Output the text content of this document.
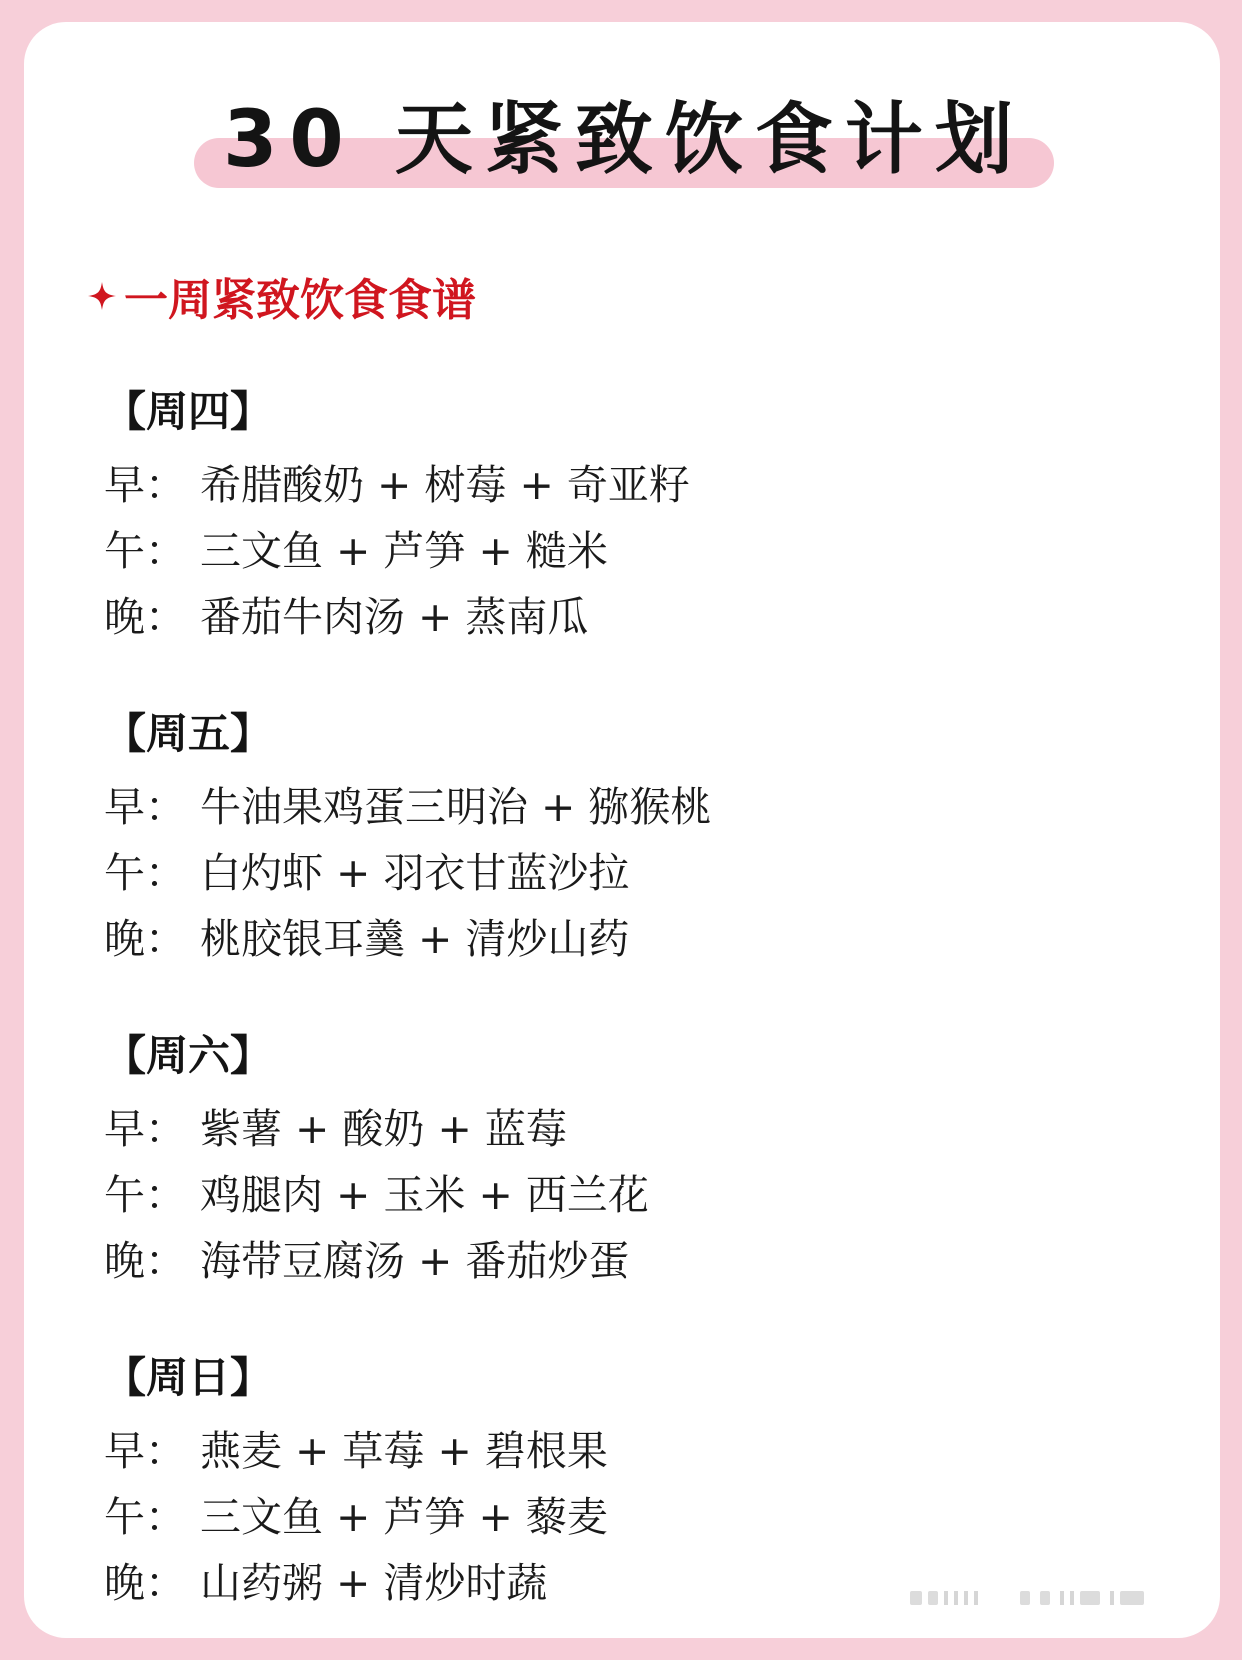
30 天紧致饮食计划
一周紧致饮食食谱
【周四】
早： 希腊酸奶 + 树莓 + 奇亚籽
午： 三文鱼 + 芦笋 + 糙米
晚： 番茄牛肉汤 + 蒸南瓜
【周五】
早： 牛油果鸡蛋三明治 + 猕猴桃
午： 白灼虾 + 羽衣甘蓝沙拉
晚： 桃胶银耳羹 + 清炒山药
【周六】
早： 紫薯 + 酸奶 + 蓝莓
午： 鸡腿肉 + 玉米 + 西兰花
晚： 海带豆腐汤 + 番茄炒蛋
【周日】
早： 燕麦 + 草莓 + 碧根果
午： 三文鱼 + 芦笋 + 藜麦
晚： 山药粥 + 清炒时蔬
